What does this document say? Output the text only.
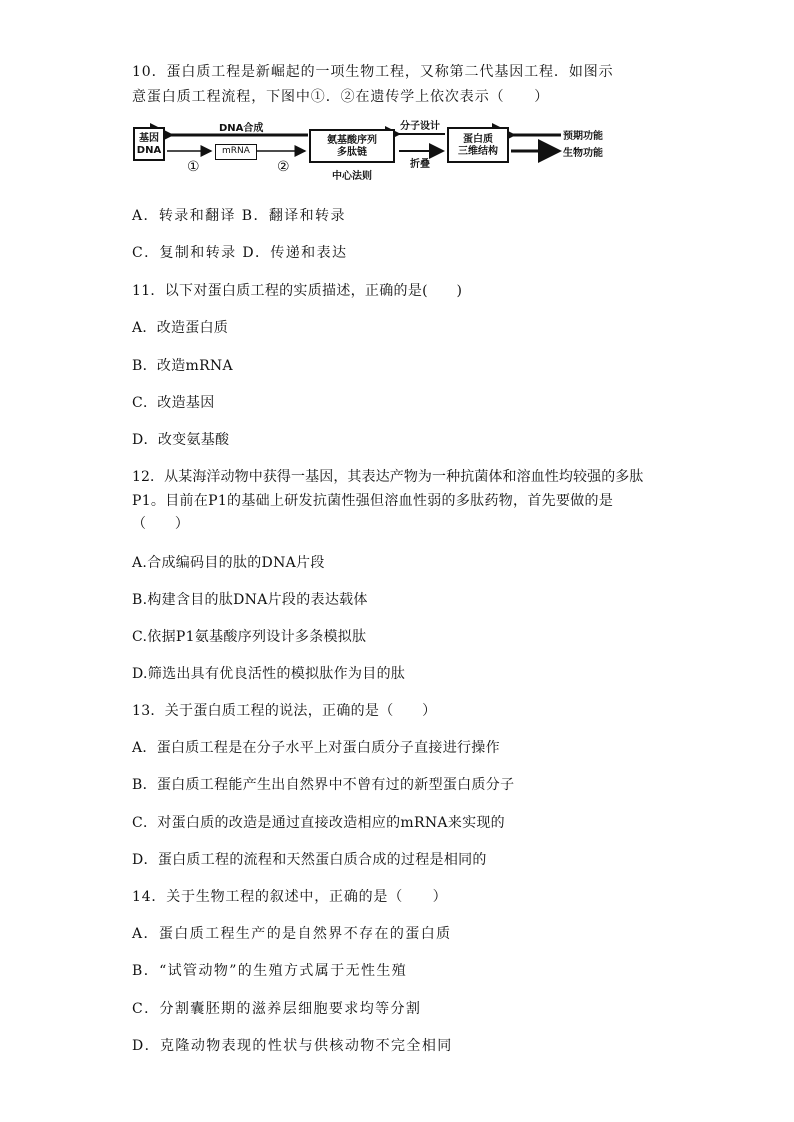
10．蛋白质工程是新崛起的一项生物工程，又称第二代基因工程．如图示
意蛋白质工程流程，下图中①．②在遗传学上依次表示（　　）
基因
DNA
DNA合成
mRNA
①	②
氨基酸序列
多肽链
中心法则
分子设计
折叠
蛋白质
三维结构
预期功能
生物功能
A．转录和翻译 B．翻译和转录
C．复制和转录 D．传递和表达
11．以下对蛋白质工程的实质描述，正确的是(　　)
A．改造蛋白质
B．改造mRNA
C．改造基因
D．改变氨基酸
12．从某海洋动物中获得一基因，其表达产物为一种抗菌体和溶血性均较强的多肽
P1。目前在P1的基础上研发抗菌性强但溶血性弱的多肽药物，首先要做的是
（　　）
A.合成编码目的肽的DNA片段
B.构建含目的肽DNA片段的表达载体
C.依据P1氨基酸序列设计多条模拟肽
D.筛选出具有优良活性的模拟肽作为目的肽
13．关于蛋白质工程的说法，正确的是（　　）
A．蛋白质工程是在分子水平上对蛋白质分子直接进行操作
B．蛋白质工程能产生出自然界中不曾有过的新型蛋白质分子
C．对蛋白质的改造是通过直接改造相应的mRNA来实现的
D．蛋白质工程的流程和天然蛋白质合成的过程是相同的
14．关于生物工程的叙述中，正确的是（　　）
A．蛋白质工程生产的是自然界不存在的蛋白质
B．“试管动物”的生殖方式属于无性生殖
C．分割囊胚期的滋养层细胞要求均等分割
D．克隆动物表现的性状与供核动物不完全相同
